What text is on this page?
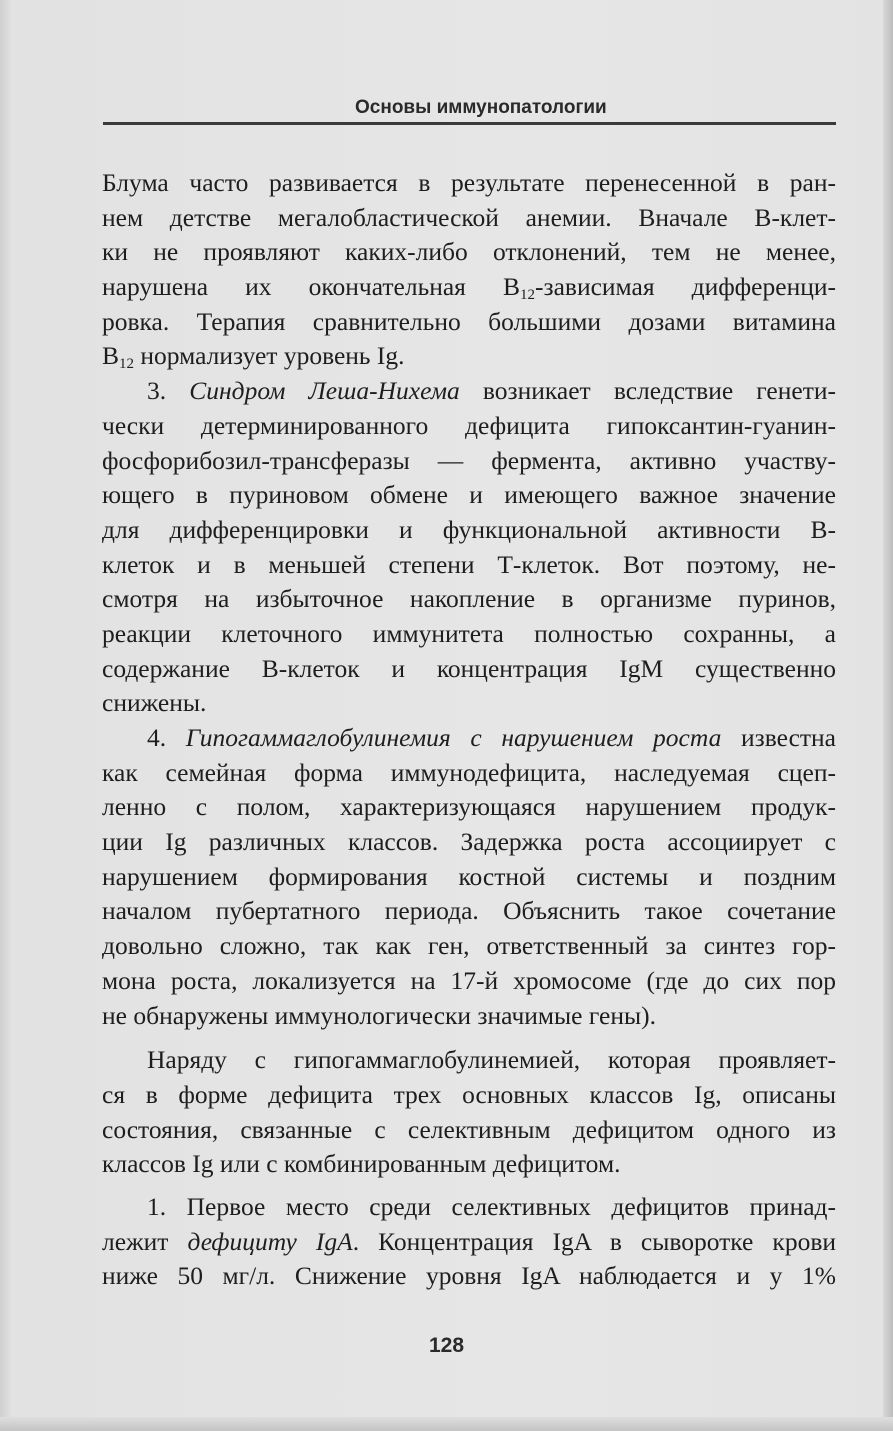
Основы иммунопатологии
Блума часто развивается в результате перенесенной в ран-
нем детстве мегалобластической анемии. Вначале В-клет-
ки не проявляют каких-либо отклонений, тем не менее,
нарушена их окончательная $В_{12}$-зависимая дифференци-
ровка. Терапия сравнительно большими дозами витамина
$В_{12}$ нормализует уровень Ig.
3. Синдром Леша-Нихема возникает вследствие генети-
чески детерминированного дефицита гипоксантин-гуанин-
фосфорибозил-трансферазы — фермента, активно участву-
ющего в пуриновом обмене и имеющего важное значение
для дифференцировки и функциональной активности В-
клеток и в меньшей степени Т-клеток. Вот поэтому, не-
смотря на избыточное накопление в организме пуринов,
реакции клеточного иммунитета полностью сохранны, а
содержание В-клеток и концентрация IgM существенно
снижены.
4. Гипогаммаглобулинемия с нарушением роста известна
как семейная форма иммунодефицита, наследуемая сцеп-
ленно с полом, характеризующаяся нарушением продук-
ции Ig различных классов. Задержка роста ассоциирует с
нарушением формирования костной системы и поздним
началом пубертатного периода. Объяснить такое сочетание
довольно сложно, так как ген, ответственный за синтез гор-
мона роста, локализуется на 17-й хромосоме (где до сих пор
не обнаружены иммунологически значимые гены).
Наряду с гипогаммаглобулинемией, которая проявляет-
ся в форме дефицита трех основных классов Ig, описаны
состояния, связанные с селективным дефицитом одного из
классов Ig или с комбинированным дефицитом.
1. Первое место среди селективных дефицитов принад-
лежит дефициту IgA. Концентрация IgA в сыворотке крови
ниже 50 мг/л. Снижение уровня IgA наблюдается и у 1%
128
